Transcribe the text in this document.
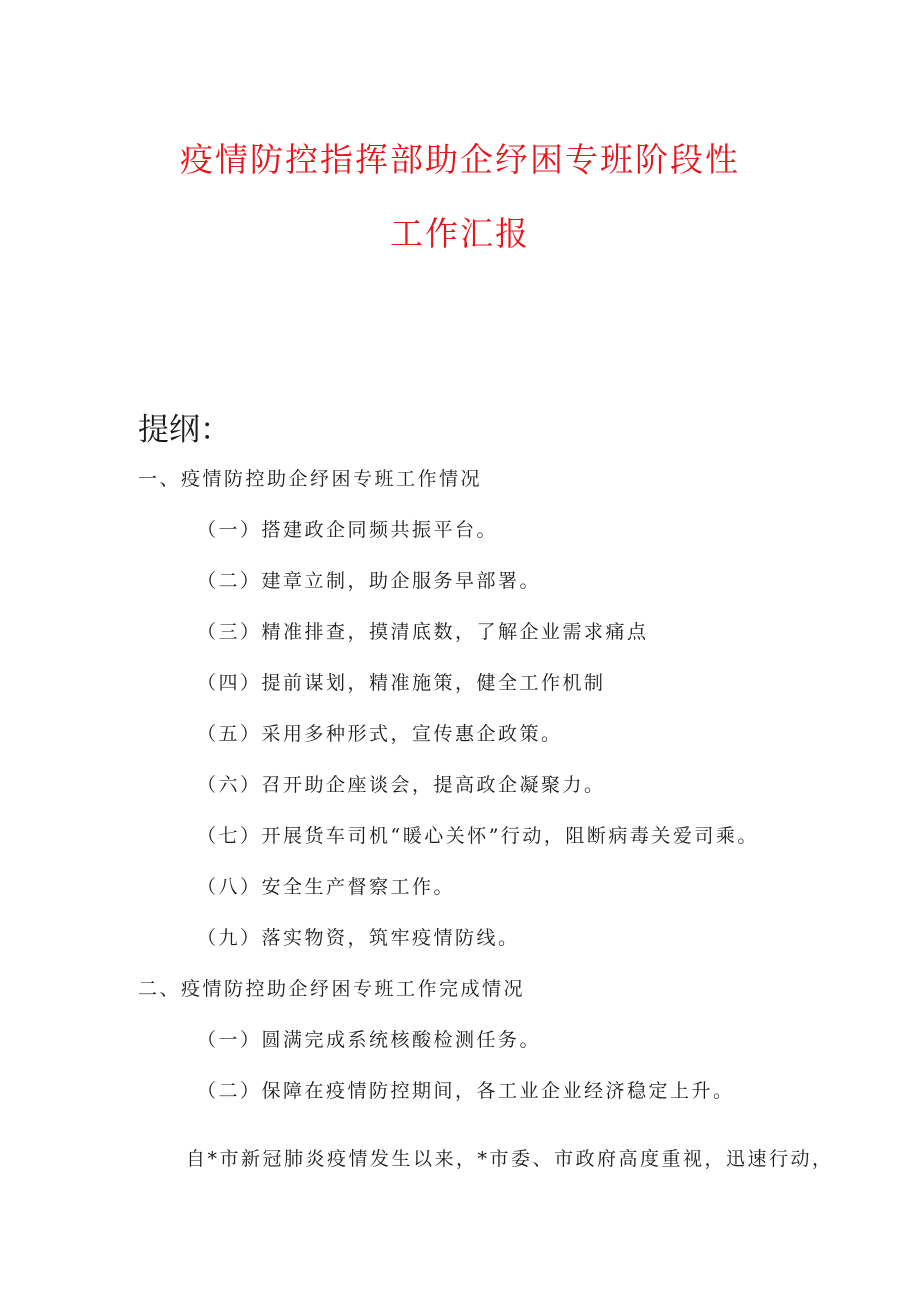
疫情防控指挥部助企纾困专班阶段性
工作汇报
提纲：
一、疫情防控助企纾困专班工作情况
（一）搭建政企同频共振平台。
（二）建章立制，助企服务早部署。
（三）精准排查，摸清底数，了解企业需求痛点
（四）提前谋划，精准施策，健全工作机制
（五）采用多种形式，宣传惠企政策。
（六）召开助企座谈会，提高政企凝聚力。
（七）开展货车司机“暖心关怀”行动，阻断病毒关爱司乘。
（八）安全生产督察工作。
（九）落实物资，筑牢疫情防线。
二、疫情防控助企纾困专班工作完成情况
（一）圆满完成系统核酸检测任务。
（二）保障在疫情防控期间，各工业企业经济稳定上升。
自*市新冠肺炎疫情发生以来，*市委、市政府高度重视，迅速行动，
